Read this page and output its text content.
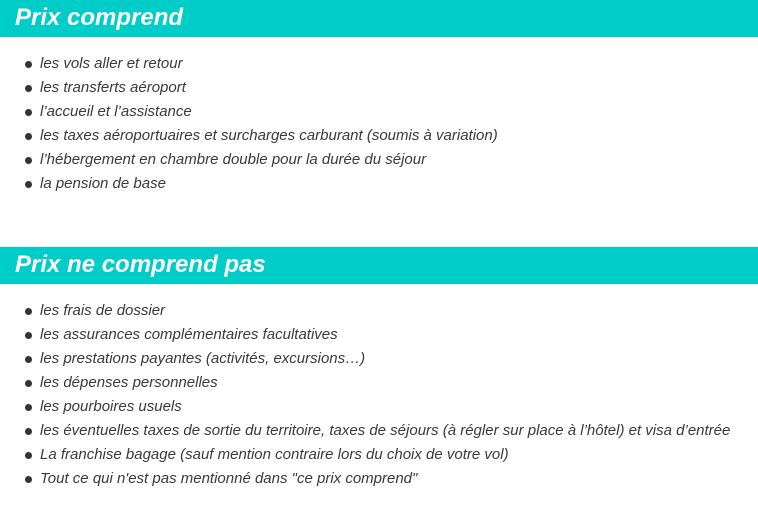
Prix comprend
les vols aller et retour
les transferts aéroport
l’accueil et l’assistance
les taxes aéroportuaires et surcharges carburant (soumis à variation)
l’hébergement en chambre double pour la durée du séjour
la pension de base
Prix ne comprend pas
les frais de dossier
les assurances complémentaires facultatives
les prestations payantes (activités, excursions…)
les dépenses personnelles
les pourboires usuels
les éventuelles taxes de sortie du territoire, taxes de séjours (à régler sur place à l’hôtel) et visa d’entrée
La franchise bagage (sauf mention contraire lors du choix de votre vol)
Tout ce qui n'est pas mentionné dans "ce prix comprend"
